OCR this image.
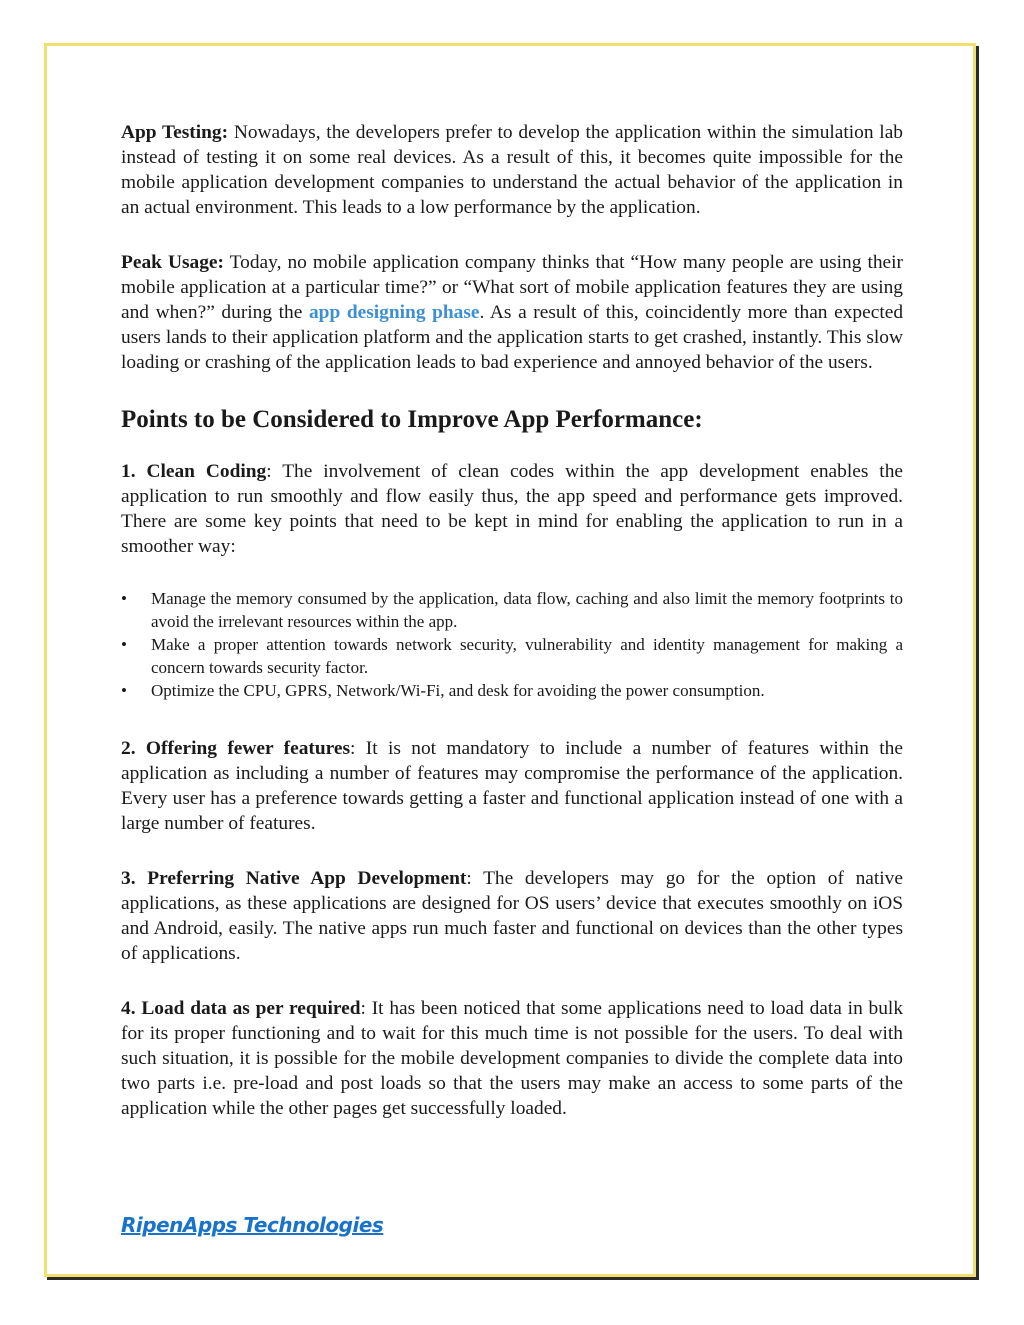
App Testing: Nowadays, the developers prefer to develop the application within the simulation lab instead of testing it on some real devices. As a result of this, it becomes quite impossible for the mobile application development companies to understand the actual behavior of the application in an actual environment. This leads to a low performance by the application.

Peak Usage: Today, no mobile application company thinks that “How many people are using their mobile application at a particular time?” or “What sort of mobile application features they are using and when?” during the app designing phase. As a result of this, coincidently more than expected users lands to their application platform and the application starts to get crashed, instantly. This slow loading or crashing of the application leads to bad experience and annoyed behavior of the users.

Points to be Considered to Improve App Performance:

1. Clean Coding: The involvement of clean codes within the app development enables the application to run smoothly and flow easily thus, the app speed and performance gets improved. There are some key points that need to be kept in mind for enabling the application to run in a smoother way:

•	Manage the memory consumed by the application, data flow, caching and also limit the memory footprints to avoid the irrelevant resources within the app.
•	Make a proper attention towards network security, vulnerability and identity management for making a concern towards security factor.
•	Optimize the CPU, GPRS, Network/Wi-Fi, and desk for avoiding the power consumption.

2. Offering fewer features: It is not mandatory to include a number of features within the application as including a number of features may compromise the performance of the application. Every user has a preference towards getting a faster and functional application instead of one with a large number of features.

3. Preferring Native App Development: The developers may go for the option of native applications, as these applications are designed for OS users’ device that executes smoothly on iOS and Android, easily. The native apps run much faster and functional on devices than the other types of applications.

4. Load data as per required: It has been noticed that some applications need to load data in bulk for its proper functioning and to wait for this much time is not possible for the users. To deal with such situation, it is possible for the mobile development companies to divide the complete data into two parts i.e. pre-load and post loads so that the users may make an access to some parts of the application while the other pages get successfully loaded.

RipenApps Technologies
